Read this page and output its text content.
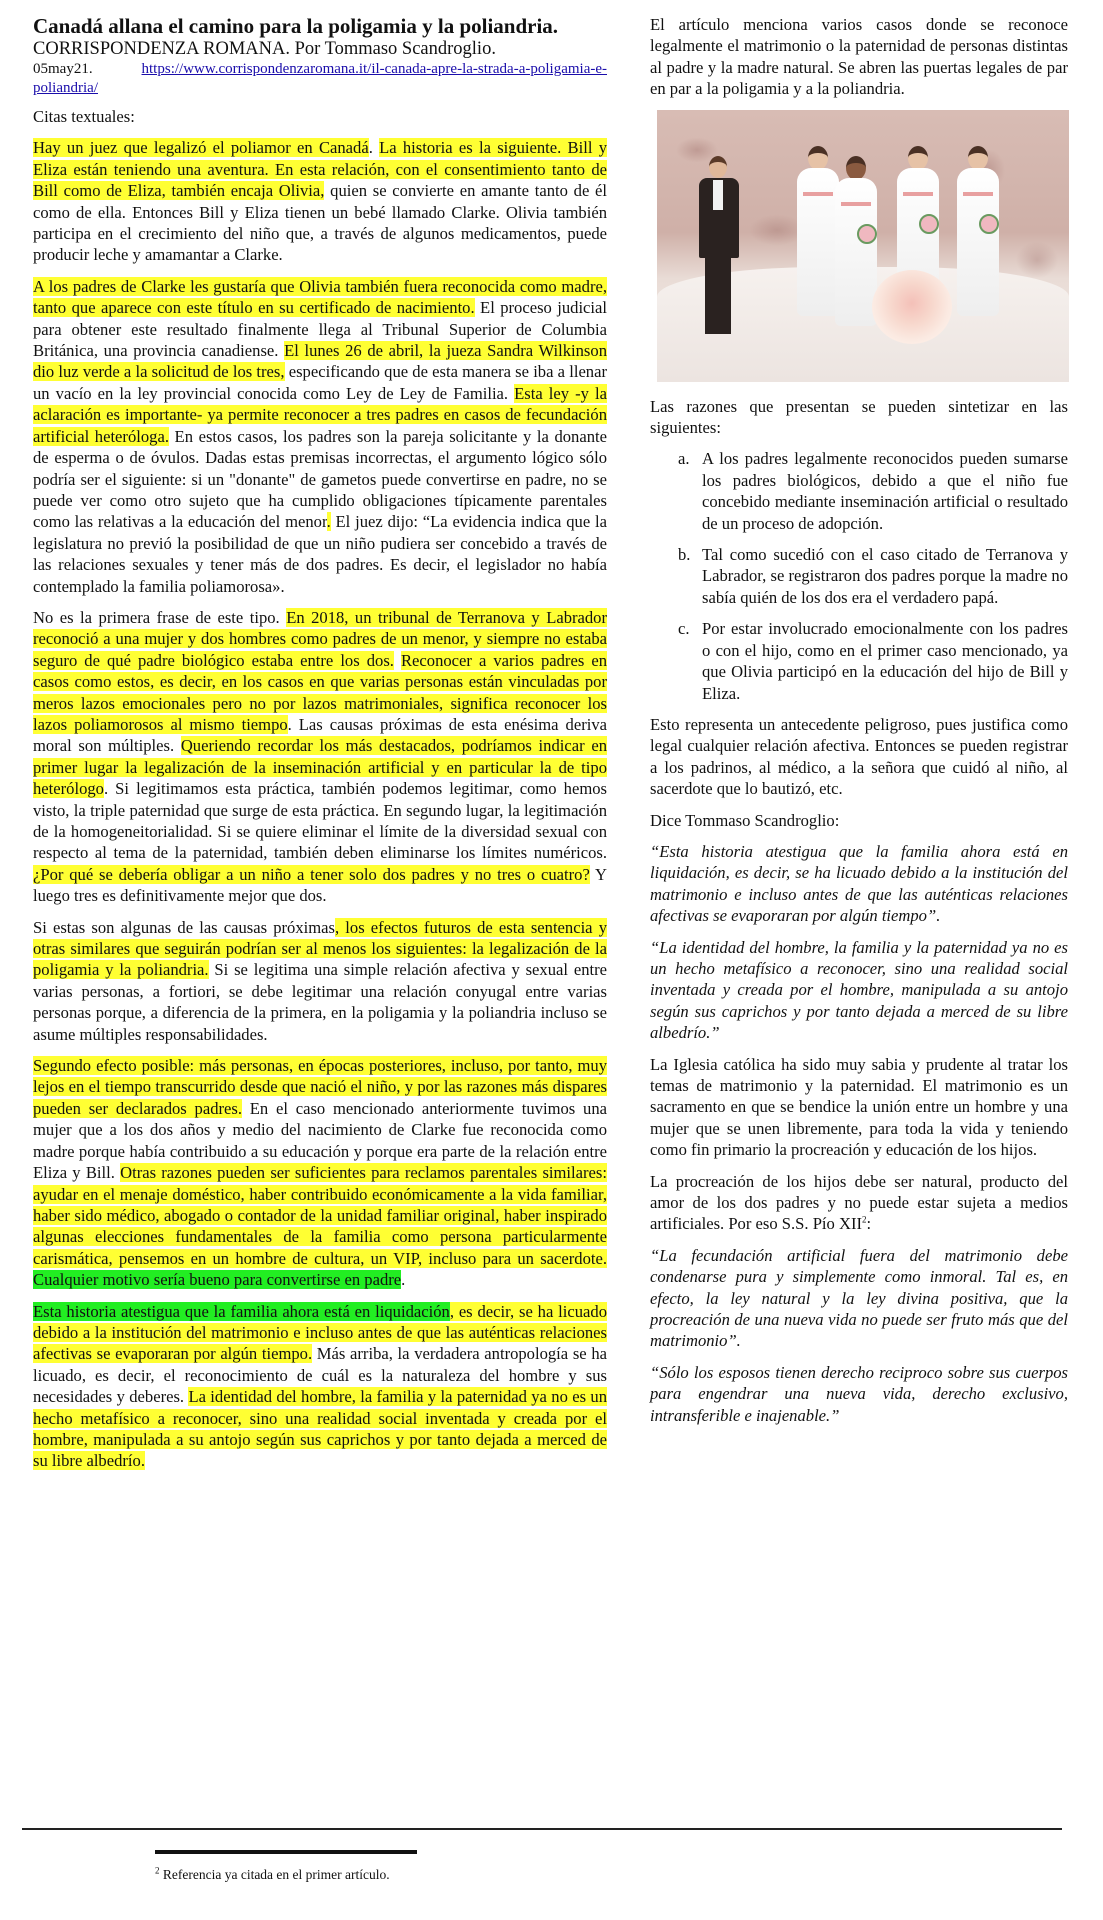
Canadá allana el camino para la poligamia y la poliandria.

CORRISPONDENZA ROMANA. Por Tommaso Scandroglio.

05may21.	https://www.corrispondenzaromana.it/il-canada-apre-la-strada-a-poligamia-e-poliandria/

Citas textuales:

Hay un juez que legalizó el poliamor en Canadá. La historia es la siguiente. Bill y Eliza están teniendo una aventura. En esta relación, con el consentimiento tanto de Bill como de Eliza, también encaja Olivia, quien se convierte en amante tanto de él como de ella. Entonces Bill y Eliza tienen un bebé llamado Clarke. Olivia también participa en el crecimiento del niño que, a través de algunos medicamentos, puede producir leche y amamantar a Clarke.

A los padres de Clarke les gustaría que Olivia también fuera reconocida como madre, tanto que aparece con este título en su certificado de nacimiento. El proceso judicial para obtener este resultado finalmente llega al Tribunal Superior de Columbia Británica, una provincia canadiense. El lunes 26 de abril, la jueza Sandra Wilkinson dio luz verde a la solicitud de los tres, especificando que de esta manera se iba a llenar un vacío en la ley provincial conocida como Ley de Ley de Familia. Esta ley -y la aclaración es importante- ya permite reconocer a tres padres en casos de fecundación artificial heteróloga. En estos casos, los padres son la pareja solicitante y la donante de esperma o de óvulos. Dadas estas premisas incorrectas, el argumento lógico sólo podría ser el siguiente: si un "donante" de gametos puede convertirse en padre, no se puede ver como otro sujeto que ha cumplido obligaciones típicamente parentales como las relativas a la educación del menor. El juez dijo: “La evidencia indica que la legislatura no previó la posibilidad de que un niño pudiera ser concebido a través de las relaciones sexuales y tener más de dos padres. Es decir, el legislador no había contemplado la familia poliamorosa».

No es la primera frase de este tipo. En 2018, un tribunal de Terranova y Labrador reconoció a una mujer y dos hombres como padres de un menor, y siempre no estaba seguro de qué padre biológico estaba entre los dos. Reconocer a varios padres en casos como estos, es decir, en los casos en que varias personas están vinculadas por meros lazos emocionales pero no por lazos matrimoniales, significa reconocer los lazos poliamorosos al mismo tiempo. Las causas próximas de esta enésima deriva moral son múltiples. Queriendo recordar los más destacados, podríamos indicar en primer lugar la legalización de la inseminación artificial y en particular la de tipo heterólogo. Si legitimamos esta práctica, también podemos legitimar, como hemos visto, la triple paternidad que surge de esta práctica. En segundo lugar, la legitimación de la homogeneitorialidad. Si se quiere eliminar el límite de la diversidad sexual con respecto al tema de la paternidad, también deben eliminarse los límites numéricos. ¿Por qué se debería obligar a un niño a tener solo dos padres y no tres o cuatro? Y luego tres es definitivamente mejor que dos.

Si estas son algunas de las causas próximas, los efectos futuros de esta sentencia y otras similares que seguirán podrían ser al menos los siguientes: la legalización de la poligamia y la poliandria. Si se legitima una simple relación afectiva y sexual entre varias personas, a fortiori, se debe legitimar una relación conyugal entre varias personas porque, a diferencia de la primera, en la poligamia y la poliandria incluso se asume múltiples responsabilidades.

Segundo efecto posible: más personas, en épocas posteriores, incluso, por tanto, muy lejos en el tiempo transcurrido desde que nació el niño, y por las razones más dispares pueden ser declarados padres. En el caso mencionado anteriormente tuvimos una mujer que a los dos años y medio del nacimiento de Clarke fue reconocida como madre porque había contribuido a su educación y porque era parte de la relación entre Eliza y Bill. Otras razones pueden ser suficientes para reclamos parentales similares: ayudar en el menaje doméstico, haber contribuido económicamente a la vida familiar, haber sido médico, abogado o contador de la unidad familiar original, haber inspirado algunas elecciones fundamentales de la familia como persona particularmente carismática, pensemos en un hombre de cultura, un VIP, incluso para un sacerdote. Cualquier motivo sería bueno para convertirse en padre.

Esta historia atestigua que la familia ahora está en liquidación, es decir, se ha licuado debido a la institución del matrimonio e incluso antes de que las auténticas relaciones afectivas se evaporaran por algún tiempo. Más arriba, la verdadera antropología se ha licuado, es decir, el reconocimiento de cuál es la naturaleza del hombre y sus necesidades y deberes. La identidad del hombre, la familia y la paternidad ya no es un hecho metafísico a reconocer, sino una realidad social inventada y creada por el hombre, manipulada a su antojo según sus caprichos y por tanto dejada a merced de su libre albedrío.

El artículo menciona varios casos donde se reconoce legalmente el matrimonio o la paternidad de personas distintas al padre y la madre natural. Se abren las puertas legales de par en par a la poligamia y a la poliandria.

Las razones que presentan se pueden sintetizar en las siguientes:

a. A los padres legalmente reconocidos pueden sumarse los padres biológicos, debido a que el niño fue concebido mediante inseminación artificial o resultado de un proceso de adopción.
b. Tal como sucedió con el caso citado de Terranova y Labrador, se registraron dos padres porque la madre no sabía quién de los dos era el verdadero papá.
c. Por estar involucrado emocionalmente con los padres o con el hijo, como en el primer caso mencionado, ya que Olivia participó en la educación del hijo de Bill y Eliza.

Esto representa un antecedente peligroso, pues justifica como legal cualquier relación afectiva. Entonces se pueden registrar a los padrinos, al médico, a la señora que cuidó al niño, al sacerdote que lo bautizó, etc.

Dice Tommaso Scandroglio:

“Esta historia atestigua que la familia ahora está en liquidación, es decir, se ha licuado debido a la institución del matrimonio e incluso antes de que las auténticas relaciones afectivas se evaporaran por algún tiempo”.

“La identidad del hombre, la familia y la paternidad ya no es un hecho metafísico a reconocer, sino una realidad social inventada y creada por el hombre, manipulada a su antojo según sus caprichos y por tanto dejada a merced de su libre albedrío.”

La Iglesia católica ha sido muy sabia y prudente al tratar los temas de matrimonio y la paternidad. El matrimonio es un sacramento en que se bendice la unión entre un hombre y una mujer que se unen libremente, para toda la vida y teniendo como fin primario la procreación y educación de los hijos.

La procreación de los hijos debe ser natural, producto del amor de los dos padres y no puede estar sujeta a medios artificiales. Por eso S.S. Pío XII$^2$:

“La fecundación artificial fuera del matrimonio debe condenarse pura y simplemente como inmoral. Tal es, en efecto, la ley natural y la ley divina positiva, que la procreación de una nueva vida no puede ser fruto más que del matrimonio”.

“Sólo los esposos tienen derecho reciproco sobre sus cuerpos para engendrar una nueva vida, derecho exclusivo, intransferible e inajenable.”

$^2$ Referencia ya citada en el primer artículo.
